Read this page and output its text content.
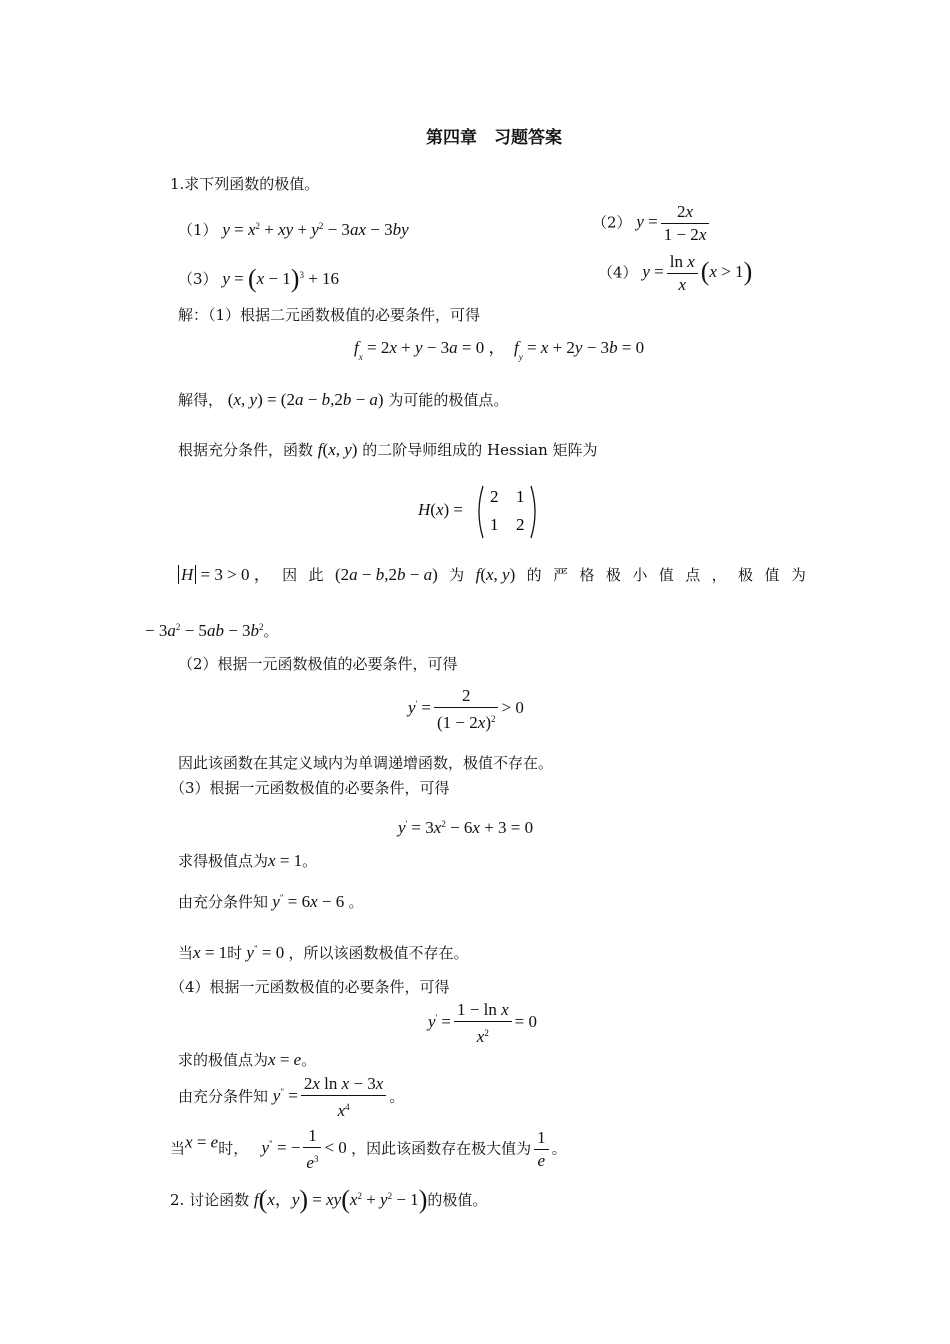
第四章　习题答案
1.求下列函数的极值。
（1） $y = x^2$ + xy + $y^2 - 3ax - 3by$	（2） $y = \frac{2x}{1 - 2x}$
（3） $y = (x - 1)^3 + 16$	（4） $y = \frac{\text{ln x}}{x} (x > 1)$
解：（1）根据二元函数极值的必要条件，可得
$f_x = 2x + y - 3a = 0$ ，  $f_y = x + 2y - 3b = 0$
解得， (x, y) = (2a − b,2b − a) 为可能的极值点。
根据充分条件，函数 f(x, y) 的二阶导师组成的 Hessian 矩阵为
H(x) =
2 1
1 2
H = 3 > 0 ， 因 此 (2a − b,2b − a) 为 f(x, y) 的 严 格 极 小 值 点 ， 极 值 为
− $3a^2 - 5ab - 3b^2$。
（2）根据一元函数极值的必要条件，可得
$y' = \frac{2}{(1 - 2x)^2} > 0$
因此该函数在其定义域内为单调递增函数，极值不存在。
（3）根据一元函数极值的必要条件，可得
$y' = 3x^2 - 6x + 3 = 0$
求得极值点为x = 1。
由充分条件知 y" = 6x − 6 。
当x = 1时 y" = 0 ，所以该函数极值不存在。
（4）根据一元函数极值的必要条件，可得
$y' = \frac{\text{1 − ln x}}{x^2} = 0$
求的极值点为x = e。
由充分条件知 $y^" = \frac{\text{2x ln x − 3x}}{x^4}$ 。
当x = e时， y" = − $\frac{1}{e^3} < 0$ ，因此该函数存在极大值为 $\frac{1}{e}$ 。
2. 讨论函数 f(x，$y) = xy(x^2 + y^2 - 1)$的极值。
